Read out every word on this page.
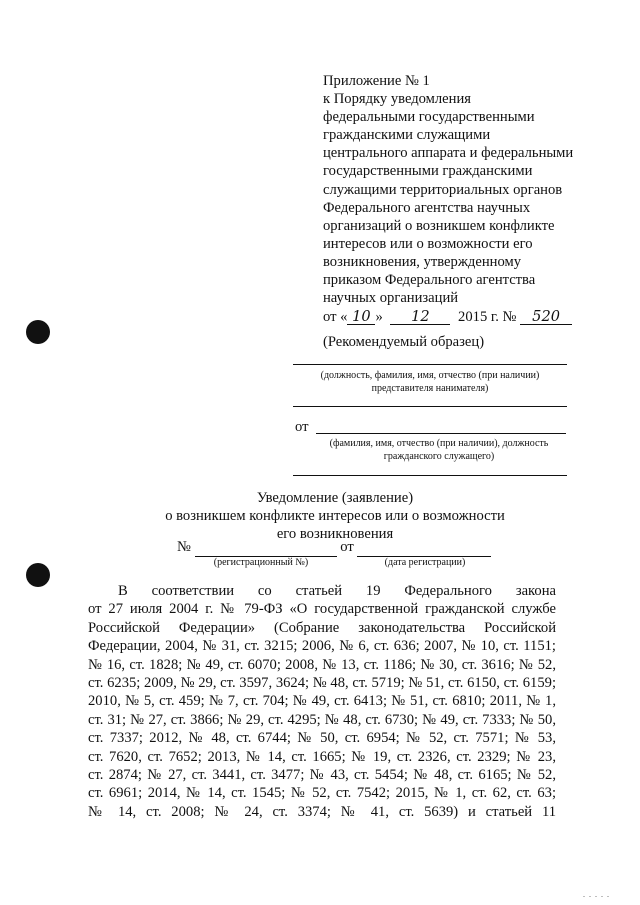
Приложение № 1
к Порядку уведомления
федеральными государственными
гражданскими служащими
центрального аппарата и федеральными
государственными гражданскими
служащими территориальных органов
Федерального агентства научных
организаций о возникшем конфликте
интересов или о возможности его
возникновения, утвержденному
приказом Федерального агентства
научных организаций
от « 10 » 12 2015 г. № 520
(Рекомендуемый образец)
(должность, фамилия, имя, отчество (при наличии)
представителя нанимателя)
от
(фамилия, имя, отчество (при наличии), должность
гражданского служащего)
Уведомление (заявление)
о возникшем конфликте интересов или о возможности
его возникновения
№	от
(регистрационный №)	(дата регистрации)
В соответствии со статьей 19 Федерального закона
от 27 июля 2004 г. № 79-ФЗ «О государственной гражданской службе
Российской Федерации» (Собрание законодательства Российской
Федерации, 2004, № 31, ст. 3215; 2006, № 6, ст. 636; 2007, № 10, ст. 1151;
№ 16, ст. 1828; № 49, ст. 6070; 2008, № 13, ст. 1186; № 30, ст. 3616; № 52,
ст. 6235; 2009, № 29, ст. 3597, 3624; № 48, ст. 5719; № 51, ст. 6150, ст. 6159;
2010, № 5, ст. 459; № 7, ст. 704; № 49, ст. 6413; № 51, ст. 6810; 2011, № 1,
ст. 31; № 27, ст. 3866; № 29, ст. 4295; № 48, ст. 6730; № 49, ст. 7333; № 50,
ст. 7337; 2012, № 48, ст. 6744; № 50, ст. 6954; № 52, ст. 7571; № 53,
ст. 7620, ст. 7652; 2013, № 14, ст. 1665; № 19, ст. 2326, ст. 2329; № 23,
ст. 2874; № 27, ст. 3441, ст. 3477; № 43, ст. 5454; № 48, ст. 6165; № 52,
ст. 6961; 2014, № 14, ст. 1545; № 52, ст. 7542; 2015, № 1, ст. 62, ст. 63;
№ 14, ст. 2008; № 24, ст. 3374; № 41, ст. 5639) и статьей 11
. . . . .
